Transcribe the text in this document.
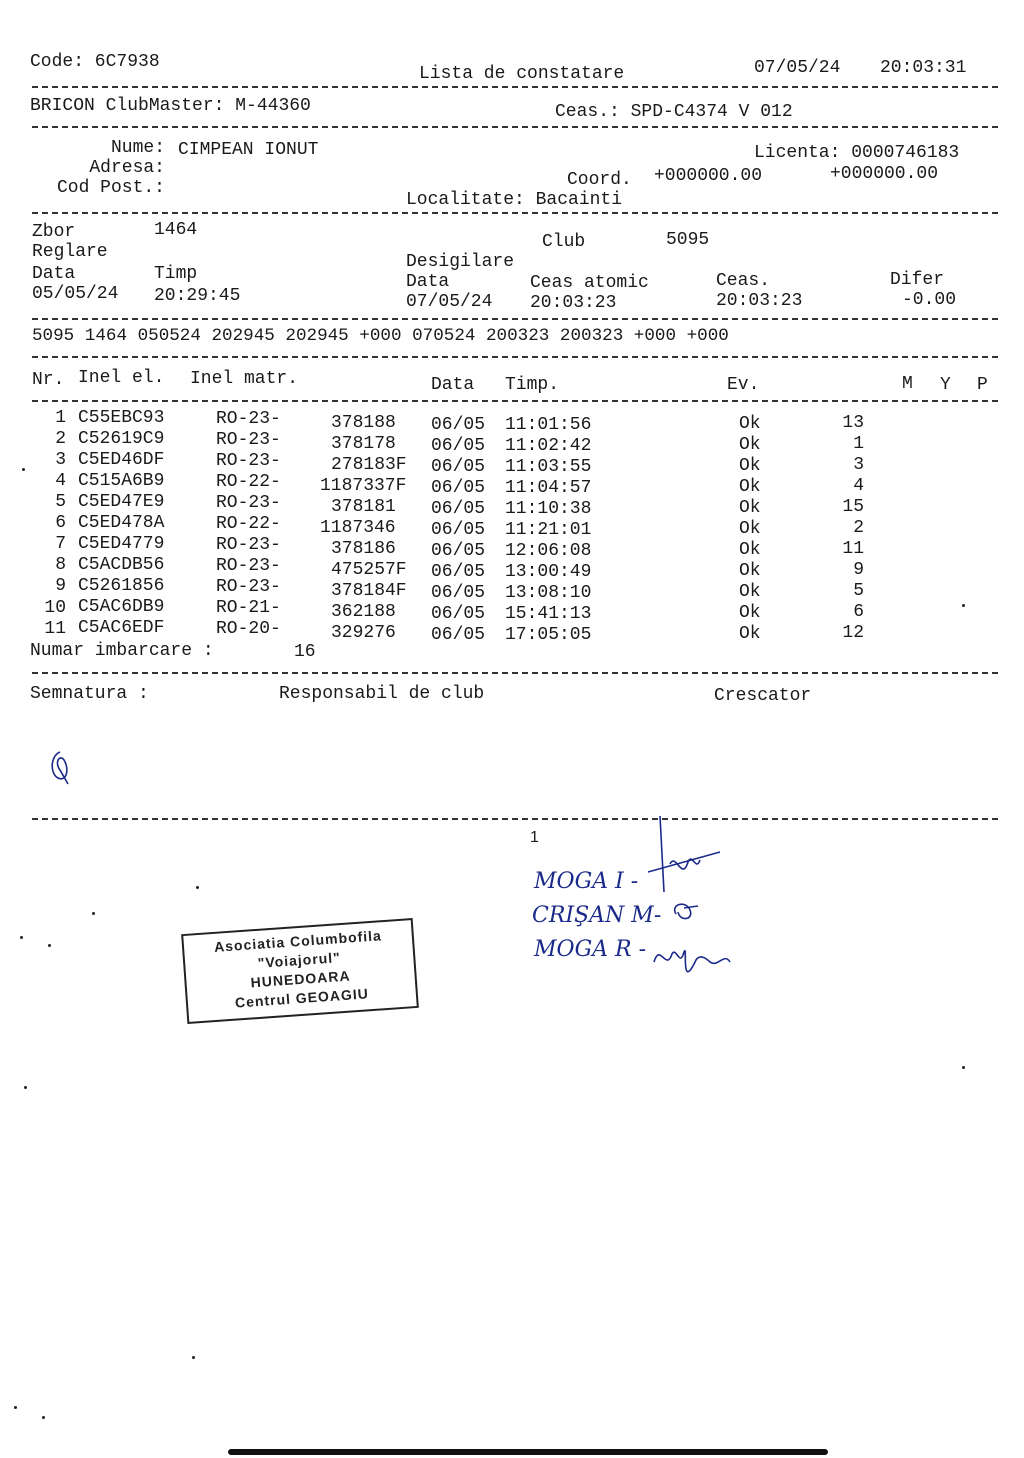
Code: 6C7938
Lista de constatare	07/05/24 20:03:31
BRICON ClubMaster: M-44360	Ceas.: SPD-C4374 V 012
Nume: CIMPEAN IONUT	Licenta: 0000746183
Adresa:
Cod Post.:	Coord. +000000.00	+000000.00
Localitate: Bacainti
Zbor	1464
Club	5095
Reglare	Desigilare
Data	Timp	Data	Ceas atomic	Ceas.	Difer
05/05/24 20:29:45	07/05/24 20:03:23	20:03:23	-0.00
5095 1464 050524 202945 202945 +000 070524 200323 200323 +000 +000
Nr. Inel el. Inel matr.	Data Timp.	Ev.	M Y P
1 C55EBC93	RO-23-	378188 06/05 11:01:56	Ok	13
2 C52619C9	RO-23-	378178 06/05 11:02:42	Ok	1
3 C5ED46DF	RO-23-	278183F 06/05 11:03:55	Ok	3
4 C515A6B9	RO-22- 1187337F 06/05 11:04:57	Ok	4
5 C5ED47E9	RO-23-	378181 06/05 11:10:38	Ok	15
6 C5ED478A	RO-22- 1187346 06/05 11:21:01	Ok	2
7 C5ED4779	RO-23-	378186 06/05 12:06:08	Ok	11
8 C5ACDB56	RO-23-	475257F 06/05 13:00:49	Ok	9
9 C5261856	RO-23-	378184F 06/05 13:08:10	Ok	5
10 C5AC6DB9	RO-21-	362188 06/05 15:41:13	Ok	6
11 C5AC6EDF	RO-20-	329276 06/05 17:05:05	Ok	12
Numar imbarcare :	16
Semnatura :	Responsabil de club	Crescator
1
MOGA I -
CRIŞAN M-
MOGA R -
Asociatia Columbofila
"Voiajorul"
HUNEDOARA
Centrul GEOAGIU
